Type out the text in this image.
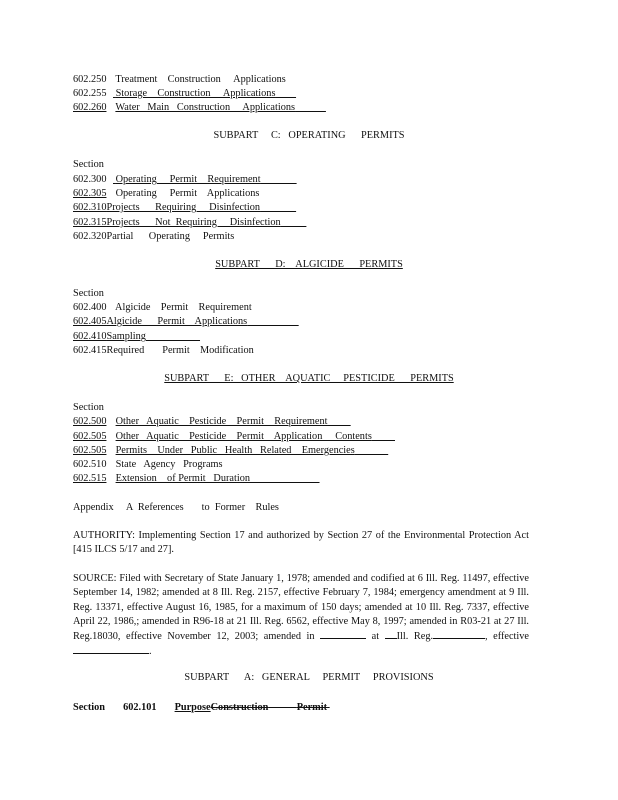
602.250 Treatment    Construction     Applications
602.255 Storage    Construction     Applications
602.260 Water   Main   Construction     Applications
SUBPART     C:   OPERATING      PERMITS
Section
602.300 Operating     Permit    Requirement
602.305 Operating     Permit    Applications
602.310Projects      Requiring     Disinfection
602.315Projects      Not  Requiring     Disinfection
602.320Partial      Operating     Permits
SUBPART      D:    ALGICIDE      PERMITS
Section
602.400 Algicide    Permit    Requirement
602.405Algicide      Permit    Applications
602.410Sampling
602.415Required       Permit    Modification
SUBPART      E:   OTHER    AQUATIC     PESTICIDE      PERMITS
Section
602.500 Other   Aquatic    Pesticide    Permit    Requirement
602.505 Other   Aquatic    Pesticide    Permit    Application     Contents
602.505 Permits    Under   Public   Health   Related    Emergencies
602.510 State   Agency   Programs
602.515 Extension    of Permit   Duration
Appendix     A  References       to  Former    Rules
AUTHORITY: Implementing Section 17 and authorized by Section 27 of the Environmental Protection Act [415 ILCS 5/17 and 27].
SOURCE: Filed with Secretary of State January 1, 1978; amended and codified at 6 Ill. Reg. 11497, effective September 14, 1982; amended at 8 Ill. Reg. 2157, effective February 7, 1984; emergency amendment at 9 Ill. Reg. 13371, effective August 16, 1985, for a maximum of 150 days; amended at 10 Ill. Reg. 7337, effective April 22, 1986,; amended in R96-18 at 21 Ill. Reg. 6562, effective May 8, 1997; amended in R03-21 at 27 Ill. Reg.18030, effective November 12, 2003; amended in	at Ill. Reg.	, effective .
SUBPART      A:   GENERAL     PERMIT     PROVISIONS
Section 602.101 PurposeConstruction	Permit
